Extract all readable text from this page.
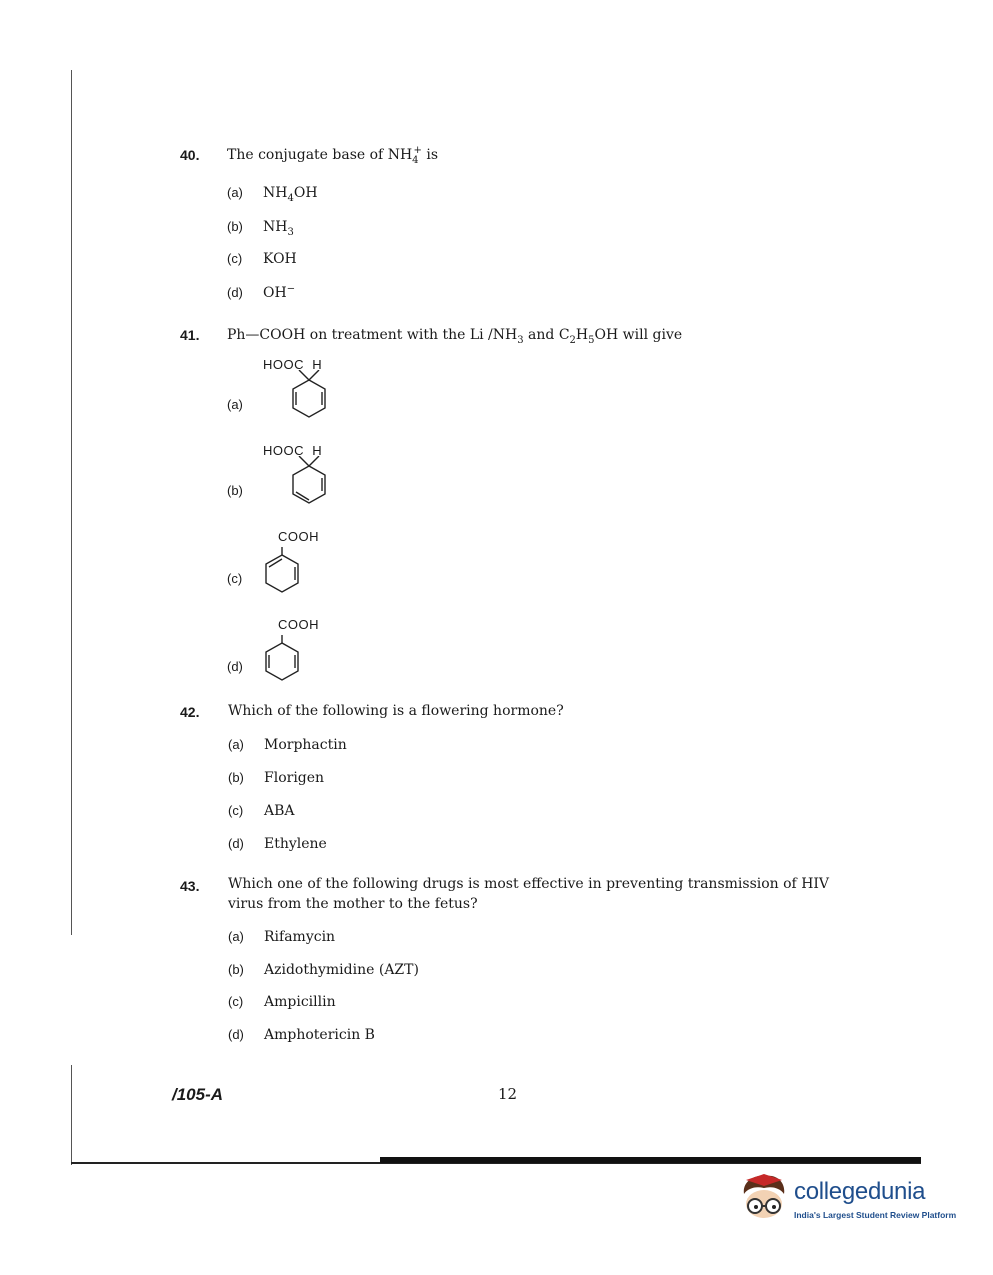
40. The conjugate base of $NH_4^+$ is
(a) $NH_4OH$
(b) $NH_3$
(c) KOH
(d) OH−
41. Ph—COOH on treatment with the Li $/NH_3$ and $C_2H_5OH$ will give
(a)
HOOC  H
(b)
HOOC  H
(c)
COOH
(d)
COOH
42. Which of the following is a flowering hormone?
(a) Morphactin
(b) Florigen
(c) ABA
(d) Ethylene
43. Which one of the following drugs is most effective in preventing transmission of HIV
virus from the mother to the fetus?
(a) Rifamycin
(b) Azidothymidine (AZT)
(c) Ampicillin
(d) Amphotericin B
/105-A	12
collegedunia
India's Largest Student Review Platform
